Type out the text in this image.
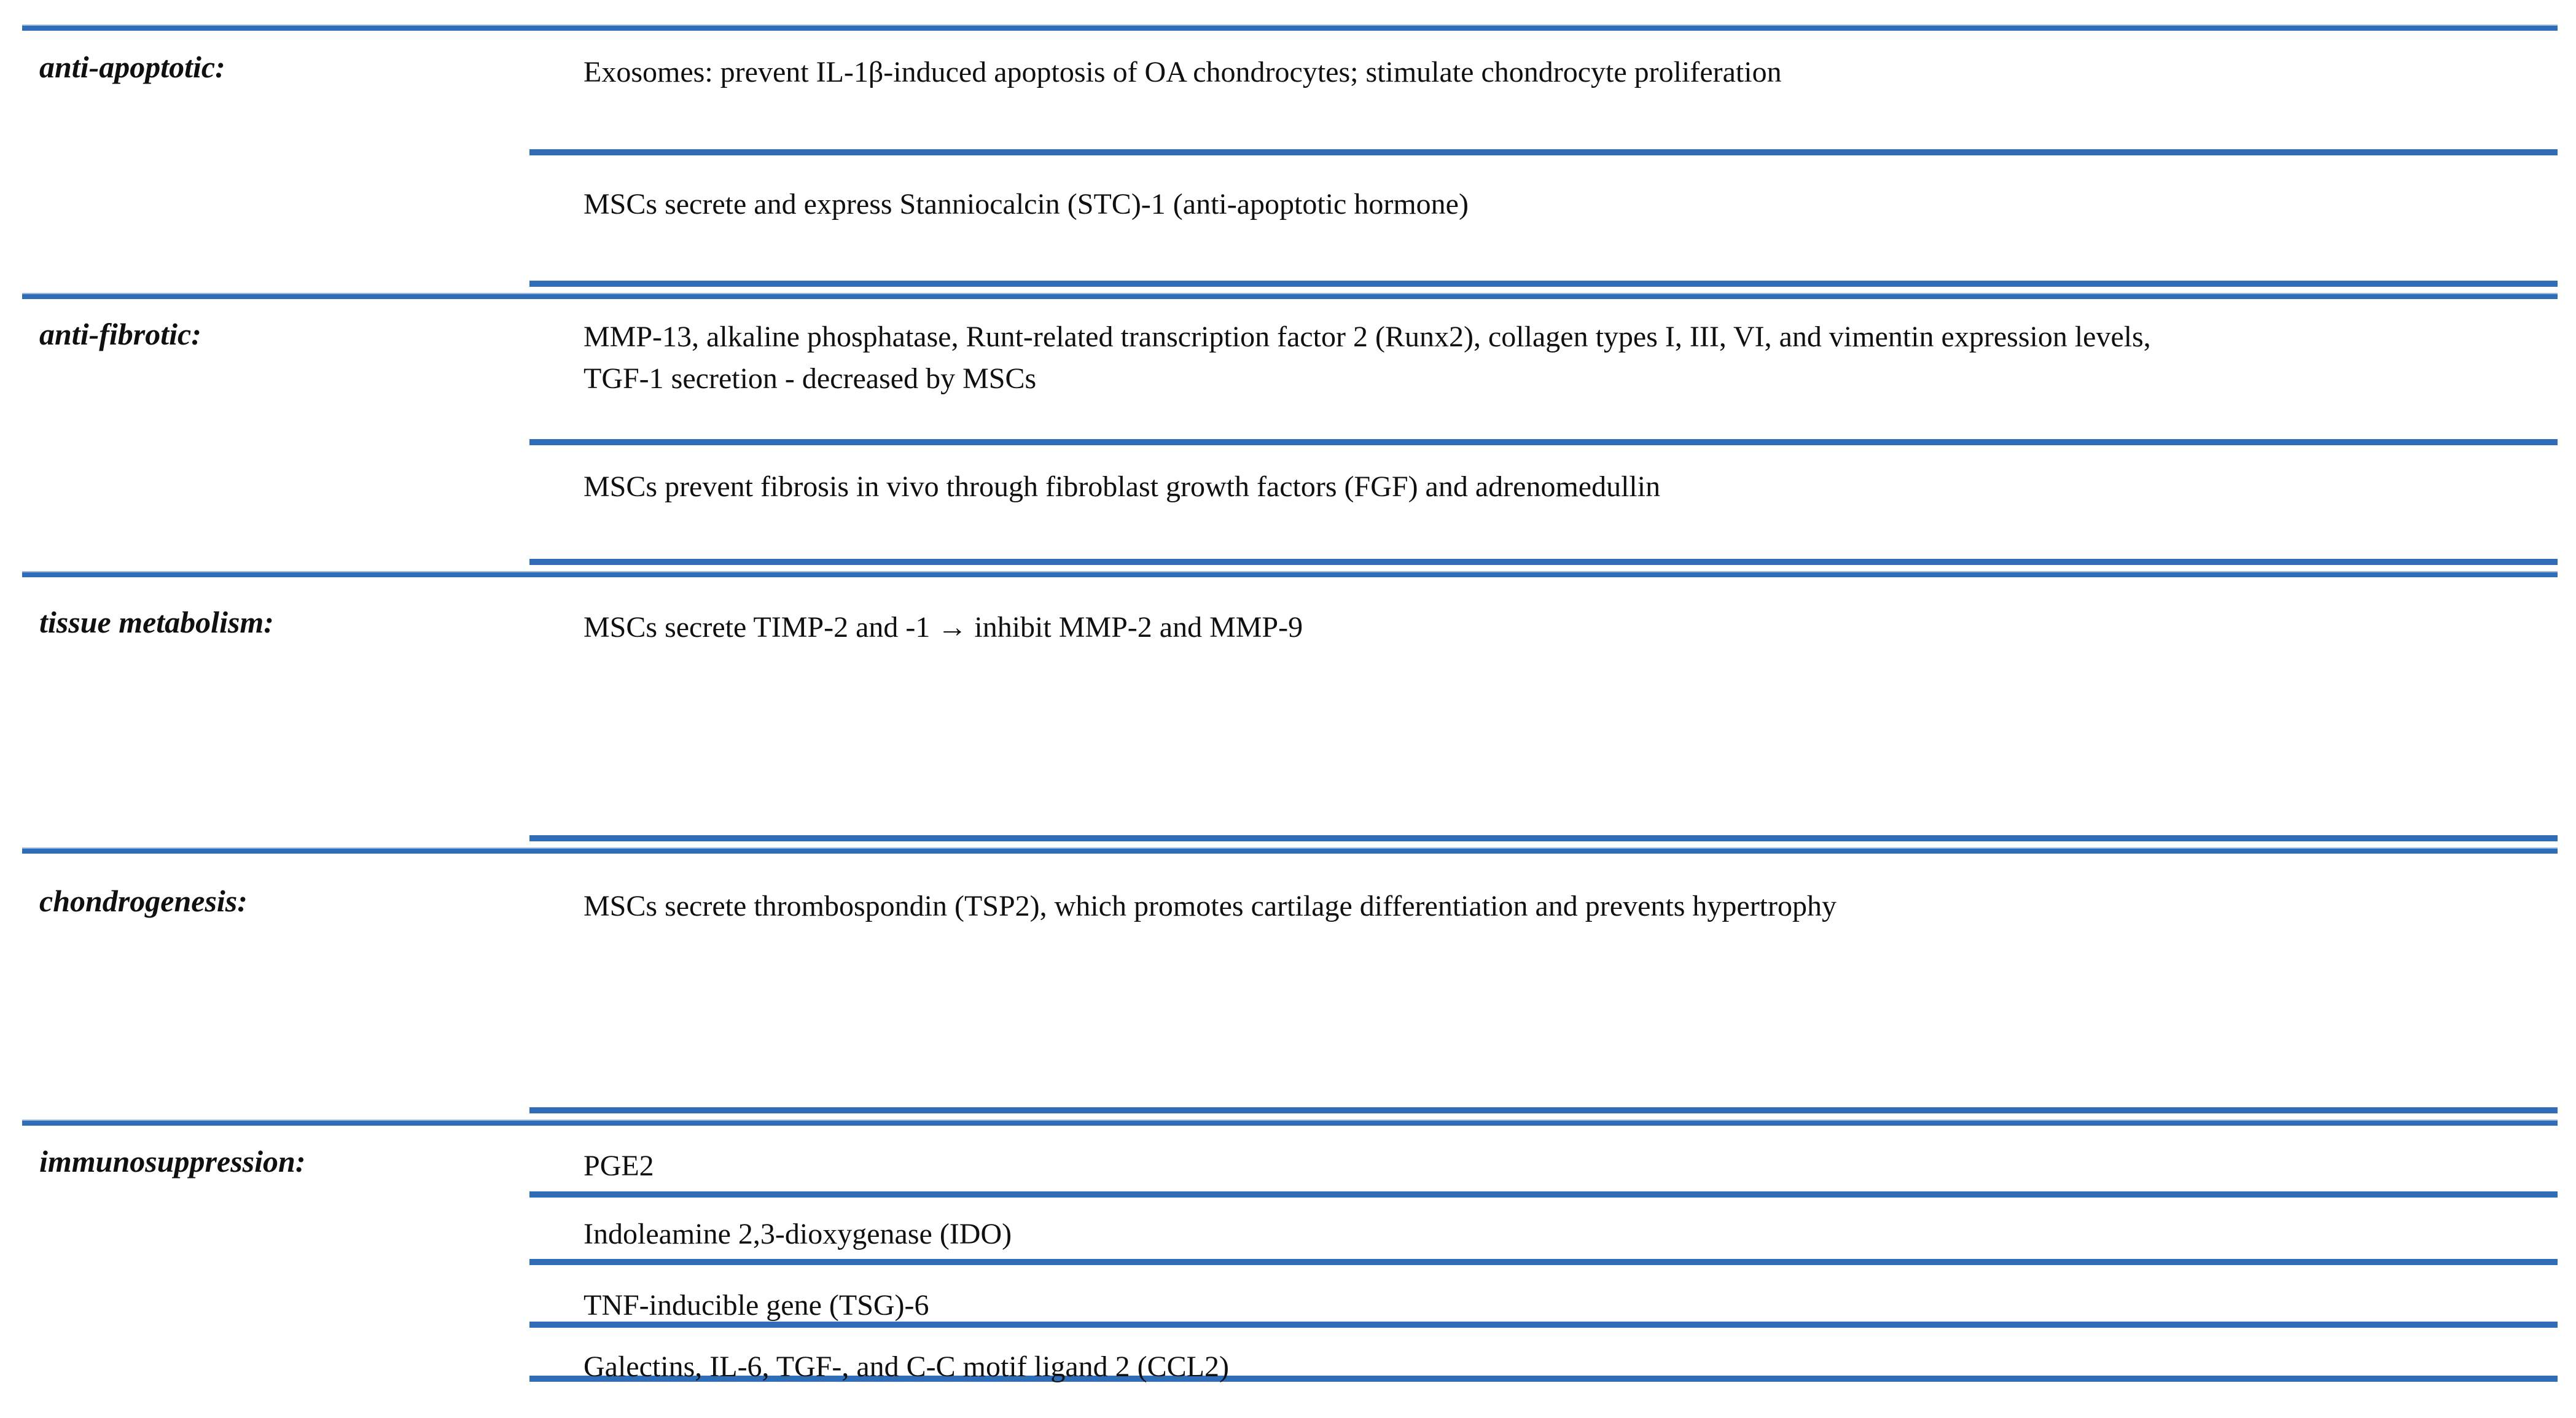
anti-apoptotic:
anti-fibrotic:
tissue metabolism:
chondrogenesis:
immunosuppression:

Exosomes: prevent IL-1β-induced apoptosis of OA chondrocytes; stimulate chondrocyte proliferation

MSCs secrete and express Stanniocalcin (STC)-1 (anti-apoptotic hormone)

MMP-13, alkaline phosphatase, Runt-related transcription factor 2 (Runx2), collagen types I, III, VI, and vimentin expression levels,

TGF-1 secretion - decreased by MSCs

MSCs prevent fibrosis in vivo through fibroblast growth factors (FGF) and adrenomedullin

MSCs secrete TIMP-2 and -1 → inhibit MMP-2 and MMP-9

MSCs secrete thrombospondin (TSP2), which promotes cartilage differentiation and prevents hypertrophy

PGE2

Indoleamine 2,3-dioxygenase (IDO)

TNF-inducible gene (TSG)-6

Galectins, IL-6, TGF-, and C-C motif ligand 2 (CCL2)
